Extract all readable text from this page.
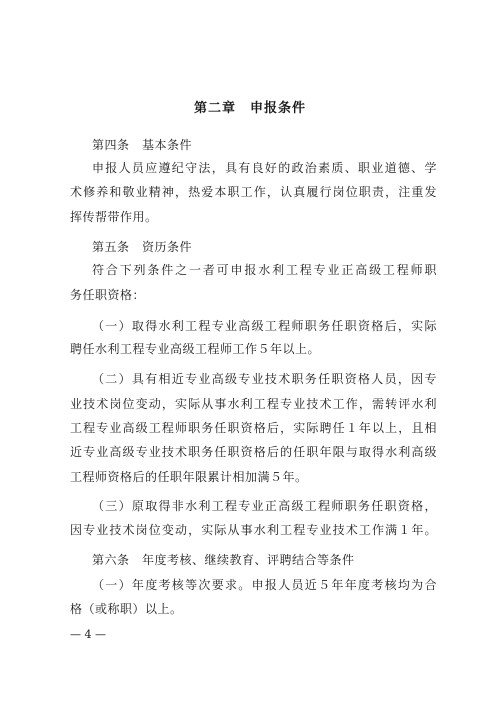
第二章　申报条件
第四条　基本条件
申报人员应遵纪守法，具有良好的政治素质、职业道德、学
术修养和敬业精神，热爱本职工作，认真履行岗位职责，注重发
挥传帮带作用。
第五条　资历条件
符合下列条件之一者可申报水利工程专业正高级工程师职
务任职资格：
（一）取得水利工程专业高级工程师职务任职资格后，实际
聘任水利工程专业高级工程师工作５年以上。
（二）具有相近专业高级专业技术职务任职资格人员，因专
业技术岗位变动，实际从事水利工程专业技术工作，需转评水利
工程专业高级工程师职务任职资格后，实际聘任１年以上，且相
近专业高级专业技术职务任职资格后的任职年限与取得水利高级
工程师资格后的任职年限累计相加满５年。
（三）原取得非水利工程专业正高级工程师职务任职资格，
因专业技术岗位变动，实际从事水利工程专业技术工作满１年。
第六条　年度考核、继续教育、评聘结合等条件
（一）年度考核等次要求。申报人员近５年年度考核均为合
格（或称职）以上。
— 4 —
